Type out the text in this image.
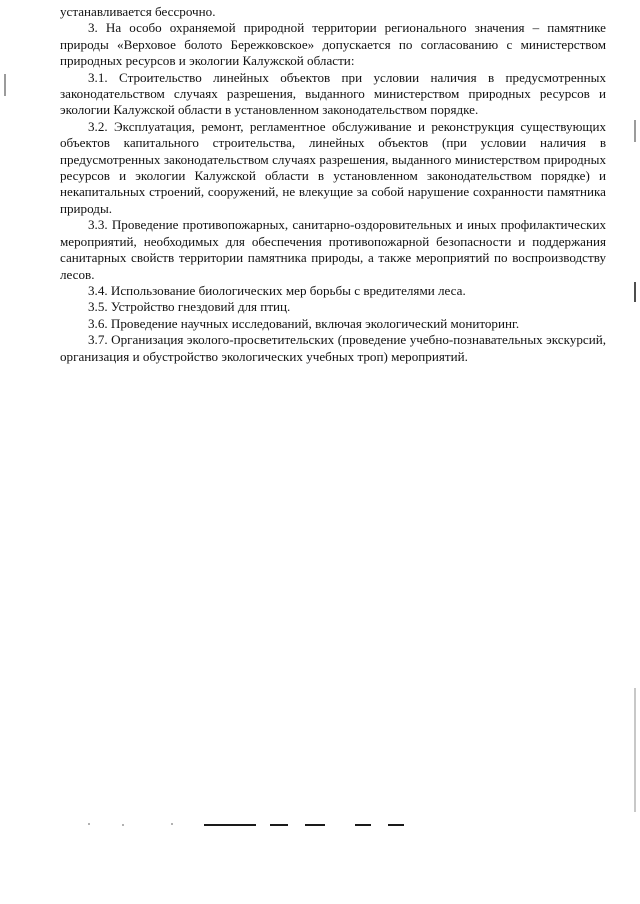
устанавливается бессрочно.

3. На особо охраняемой природной территории регионального значения – памятнике природы «Верховое болото Бережковское» допускается по согласованию с министерством природных ресурсов и экологии Калужской области:

3.1. Строительство линейных объектов при условии наличия в предусмотренных законодательством случаях разрешения, выданного министерством природных ресурсов и экологии Калужской области в установленном законодательством порядке.

3.2. Эксплуатация, ремонт, регламентное обслуживание и реконструкция существующих объектов капитального строительства, линейных объектов (при условии наличия в предусмотренных законодательством случаях разрешения, выданного министерством природных ресурсов и экологии Калужской области в установленном законодательством порядке) и некапитальных строений, сооружений, не влекущие за собой нарушение сохранности памятника природы.

3.3. Проведение противопожарных, санитарно-оздоровительных и иных профилактических мероприятий, необходимых для обеспечения противопожарной безопасности и поддержания санитарных свойств территории памятника природы, а также мероприятий по воспроизводству лесов.

3.4. Использование биологических мер борьбы с вредителями леса.

3.5. Устройство гнездовий для птиц.

3.6. Проведение научных исследований, включая экологический мониторинг.

3.7. Организация эколого-просветительских (проведение учебно-познавательных экскурсий, организация и обустройство экологических учебных троп) мероприятий.
